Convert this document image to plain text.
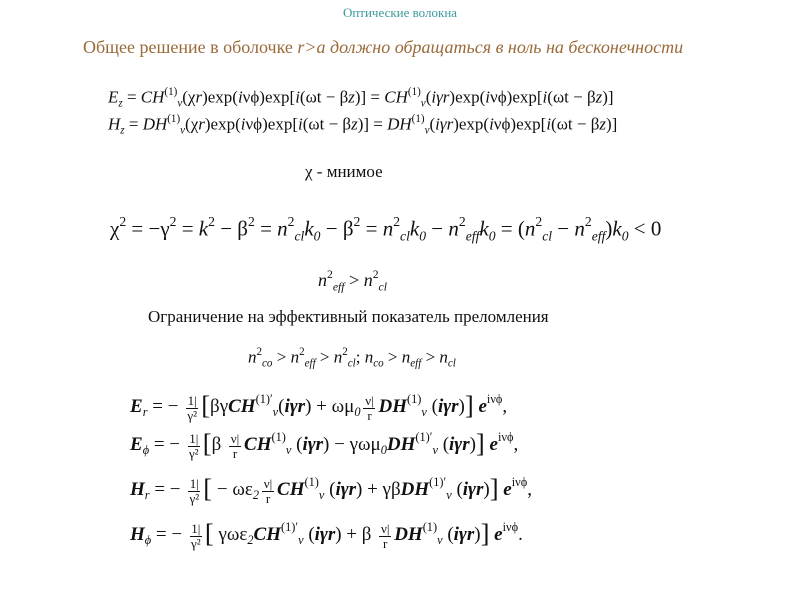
Оптические волокна
Общее решение в оболочке r>a должно обращаться в ноль на бесконечности
$E_z = CH^{(1)}_\nu(\chi r)\exp(i\nu\phi)\exp[i(\omega t - \beta z)] = CH^{(1)}_\nu(i\gamma r)\exp(i\nu\phi)\exp[i(\omega t - \beta z)]$
$H_z = DH^{(1)}_\nu(\chi r)\exp(i\nu\phi)\exp[i(\omega t - \beta z)] = DH^{(1)}_\nu(i\gamma r)\exp(i\nu\phi)\exp[i(\omega t - \beta z)]$
χ - мнимое
$\chi^2 = -\gamma^2 = k^2 - \beta^2 = n^2_{cl}k_0 - \beta^2 = n^2_{cl}k_0 - n^2_{eff}k_0 = (n^2_{cl} - n^2_{eff})k_0 < 0$
$n^2_{eff} > n^2_{cl}$
Ограничение на эффективный показатель преломления
$n^2_{co} > n^2_{eff} > n^2_{cl}$; $n_{co} > n_{eff} > n_{cl}$
$E_r$ = − 1|γ² [$\beta\gamma CH^{(1)'}_\nu(i\gamma r) + \omega\mu_0\nu|r$ $DH^{(1)}_\nu$ (iγr)] $e^{i\nu\phi}$,
$E_\phi$ = − 1|γ² [β ν|r $CH^{(1)}_\nu$ $(i\gamma r) - \gamma\omega\mu_0DH^{(1)'}_\nu$ (iγr)] $e^{i\nu\phi}$,
$H_r$ = − 1|γ² [ − $\omega\varepsilon_2\nu|r$ $CH^{(1)}_\nu$ (iγr) + γβDH$^{(1)'}_\nu$ (iγr)] $e^{i\nu\phi}$,
$H_\phi$ = − 1|γ² [ $\gamma\omega\varepsilon_2CH^{(1)'}_\nu$ (iγr) + β ν|r $DH^{(1)}_\nu$ (iγr)] $e^{i\nu\phi}$.
